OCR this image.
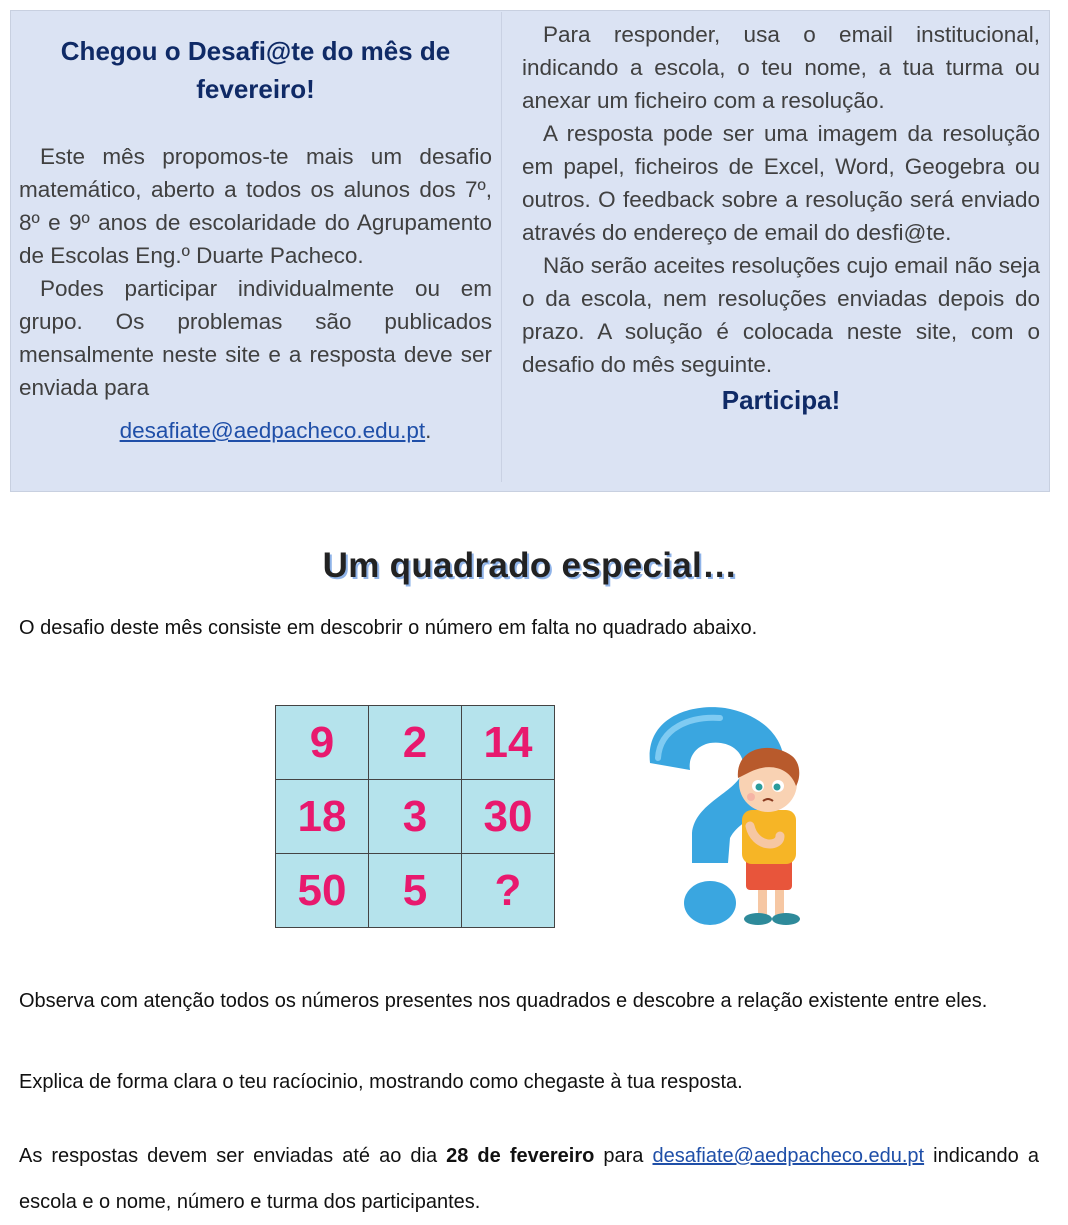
Chegou o Desafi@te do mês de fevereiro!

Este mês propomos-te mais um desafio matemático, aberto a todos os alunos dos 7º, 8º e 9º anos de escolaridade do Agrupamento de Escolas Eng.º Duarte Pacheco.

Podes participar individualmente ou em grupo. Os problemas são publicados mensalmente neste site e a resposta deve ser enviada para

desafiate@aedpacheco.edu.pt.

Para responder, usa o email institucional, indicando a escola, o teu nome, a tua turma ou anexar um ficheiro com a resolução.

A resposta pode ser uma imagem da resolução em papel, ficheiros de Excel, Word, Geogebra ou outros. O feedback sobre a resolução será enviado através do endereço de email do desfi@te.

Não serão aceites resoluções cujo email não seja o da escola, nem resoluções enviadas depois do prazo. A solução é colocada neste site, com o desafio do mês seguinte.

Participa!
Um quadrado especial…
O desafio deste mês consiste em descobrir o número em falta no quadrado abaixo.
9	2	14
18	3	30
50	5	?
Observa com atenção todos os números presentes nos quadrados e descobre a relação existente entre eles.
Explica de forma clara o teu racíocinio, mostrando como chegaste à tua resposta.
As respostas devem ser enviadas até ao dia 28 de fevereiro para desafiate@aedpacheco.edu.pt indicando a escola e o nome, número e turma dos participantes.
